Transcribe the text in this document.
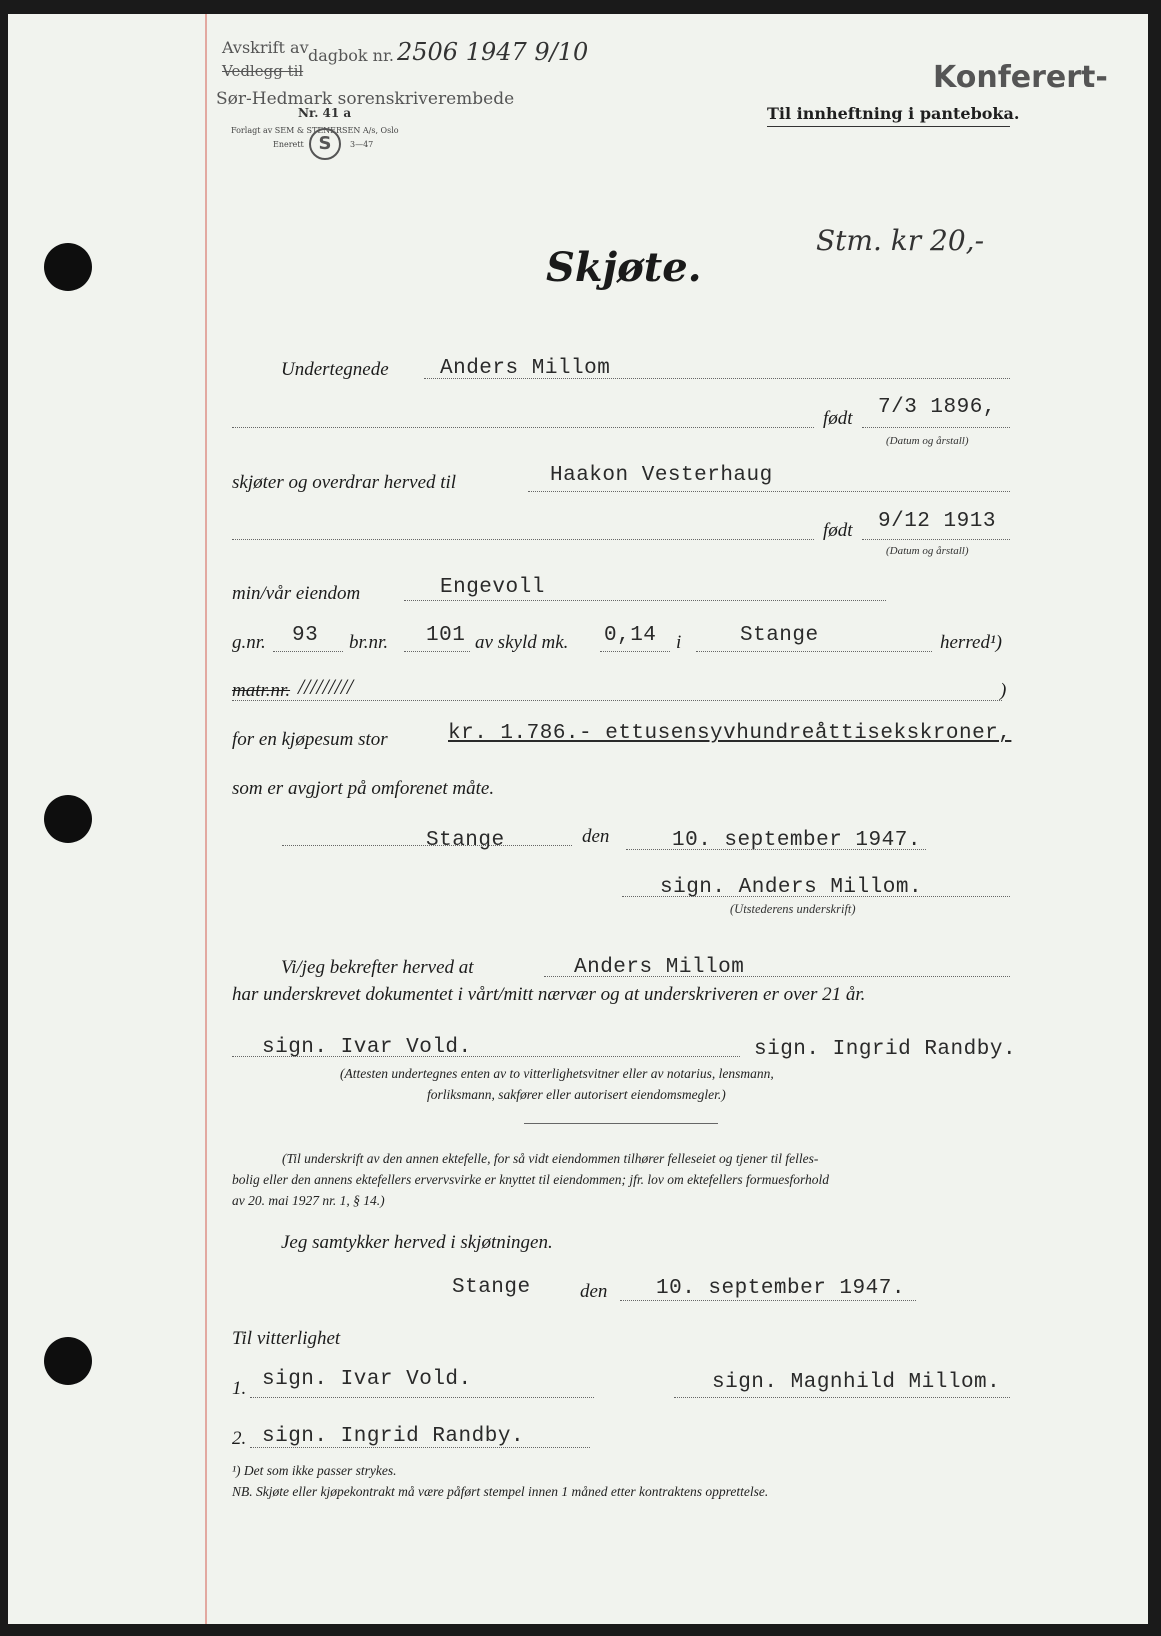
Avskrift av dagbok nr. 2506 1947 9/10
Vedlegg til
Sør-Hedmark sorenskriverembede
Nr. 41 a
Forlagt av SEM & STENERSEN A/s, Oslo
Enerett S	3—47
Konferert-
Til innheftning i panteboka.
Skjøte.
Stm. kr 20,-
Undertegnede Anders Millom
født 7/3 1896,
(Datum og årstall)
skjøter og overdrar herved til	Haakon Vesterhaug
født 9/12 1913
(Datum og årstall)
min/vår eiendom	Engevoll
g.nr. 93 br.nr. 101 av skyld mk. 0,14 i	Stange	herred¹)
matr.nr. /////////	)
for en kjøpesum stor	kr. 1.786.- ettusensyvhundreåttisekskroner,
som er avgjort på omforenet måte.
Stange	den	10. september 1947.
sign. Anders Millom.
(Utstederens underskrift)
Vi/jeg bekrefter herved at	Anders Millom
har underskrevet dokumentet i vårt/mitt nærvær og at underskriveren er over 21 år.
sign. Ivar Vold.	sign. Ingrid Randby.
(Attesten undertegnes enten av to vitterlighetsvitner eller av notarius, lensmann,
forliksmann, sakfører eller autorisert eiendomsmegler.)
(Til underskrift av den annen ektefelle, for så vidt eiendommen tilhører felleseiet og tjener til felles-
bolig eller den annens ektefellers ervervsvirke er knyttet til eiendommen; jfr. lov om ektefellers formuesforhold
av 20. mai 1927 nr. 1, § 14.)
Jeg samtykker herved i skjøtningen.
Stange	den 10. september 1947.
Til vitterlighet
1. sign. Ivar Vold.	sign. Magnhild Millom.
2. sign. Ingrid Randby.
¹) Det som ikke passer strykes.
NB. Skjøte eller kjøpekontrakt må være påført stempel innen 1 måned etter kontraktens opprettelse.
